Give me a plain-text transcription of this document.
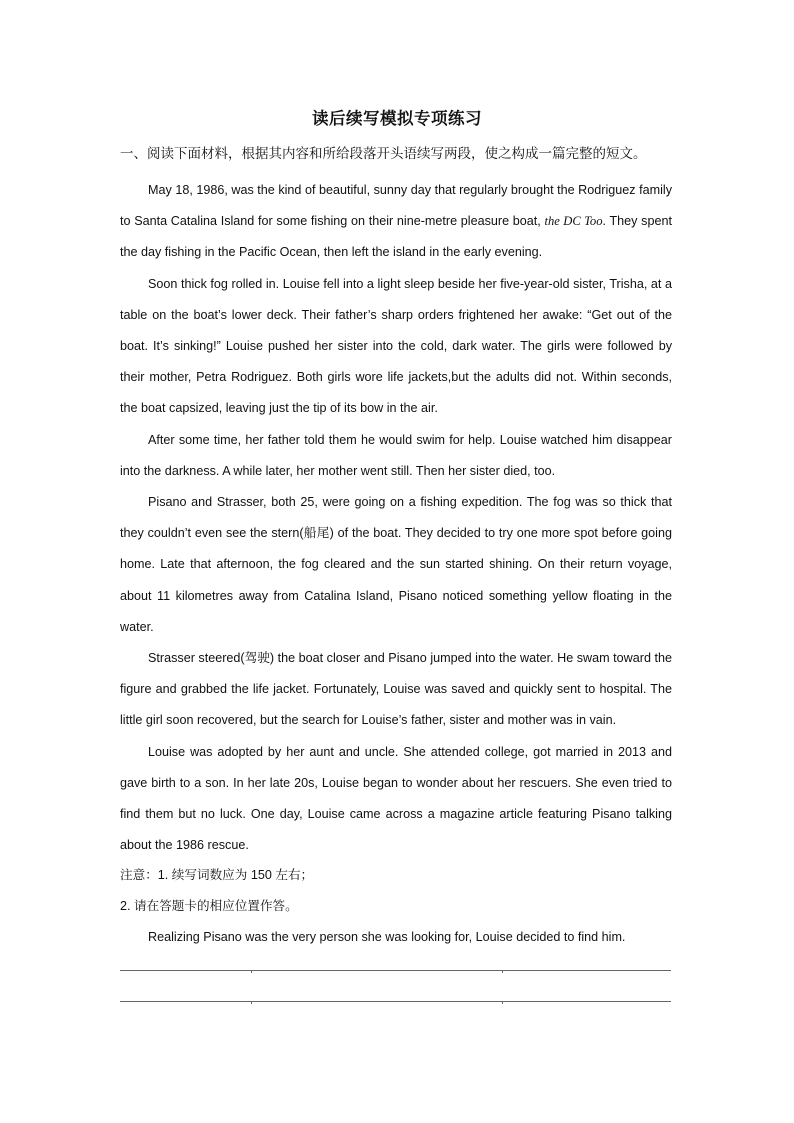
读后续写模拟专项练习
一、阅读下面材料，根据其内容和所给段落开头语续写两段，使之构成一篇完整的短文。

May 18, 1986, was the kind of beautiful, sunny day that regularly brought the Rodriguez family to Santa Catalina Island for some fishing on their nine-metre pleasure boat, the DC Too. They spent the day fishing in the Pacific Ocean, then left the island in the early evening.

Soon thick fog rolled in. Louise fell into a light sleep beside her five-year-old sister, Trisha, at a table on the boat’s lower deck. Their father’s sharp orders frightened her awake: “Get out of the boat. It’s sinking!” Louise pushed her sister into the cold, dark water. The girls were followed by their mother, Petra Rodriguez. Both girls wore life jackets,but the adults did not. Within seconds, the boat capsized, leaving just the tip of its bow in the air.

After some time, her father told them he would swim for help. Louise watched him disappear into the darkness. A while later, her mother went still. Then her sister died, too.

Pisano and Strasser, both 25, were going on a fishing expedition. The fog was so thick that they couldn’t even see the stern(船尾) of the boat. They decided to try one more spot before going home. Late that afternoon, the fog cleared and the sun started shining. On their return voyage, about 11 kilometres away from Catalina Island, Pisano noticed something yellow floating in the water.

Strasser steered(驾驶) the boat closer and Pisano jumped into the water. He swam toward the figure and grabbed the life jacket. Fortunately, Louise was saved and quickly sent to hospital. The little girl soon recovered, but the search for Louise’s father, sister and mother was in vain.

Louise was adopted by her aunt and uncle. She attended college, got married in 2013 and gave birth to a son. In her late 20s, Louise began to wonder about her rescuers. She even tried to find them but no luck. One day, Louise came across a magazine article featuring Pisano talking about the 1986 rescue.

注意：1. 续写词数应为 150 左右；

2. 请在答题卡的相应位置作答。

Realizing Pisano was the very person she was looking for, Louise decided to find him.
